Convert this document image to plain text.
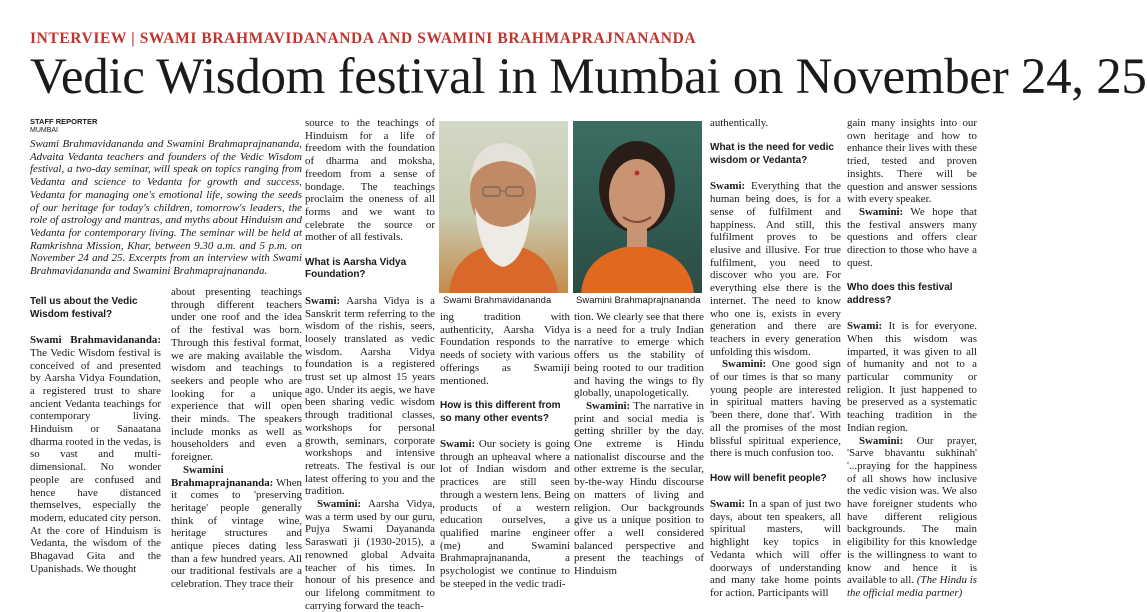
INTERVIEW | SWAMI BRAHMAVIDANANDA AND SWAMINI BRAHMAPRAJNANANDA
Vedic Wisdom festival in Mumbai on November 24, 25
STAFF REPORTER
MUMBAI

Swami Brahmavidananda and Swamini Brahmaprajnananda, Advaita Vedanta teachers and founders of the Vedic Wisdom festival, a two-day seminar, will speak on topics ranging from Vedanta and science to Vedanta for growth and success, Vedanta for managing one's emotional life, sowing the seeds of our heritage for today's children, tomorrow's leaders, the role of astrology and mantras, and myths about Hinduism and Vedanta for contemporary living. The seminar will be held at Ramkrishna Mission, Khar, between 9.30 a.m. and 5 p.m. on November 24 and 25. Excerpts from an interview with Swami Brahmavidananda and Swamini Brahmaprajnananda.

Tell us about the Vedic Wisdom festival?

Swami Brahmavidananda: The Vedic Wisdom festival is conceived of and presented by Aarsha Vidya Foundation, a registered trust to share ancient Vedanta teachings for contemporary living. Hinduism or Sanaatana dharma rooted in the vedas, is so vast and multi-dimensional. No wonder people are confused and hence have distanced themselves, especially the modern, educated city person. At the core of Hinduism is Vedanta, the wisdom of the Bhagavad Gita and the Upanishads. We thought

about presenting teachings through different teachers under one roof and the idea of the festival was born. Through this festival format, we are making available the wisdom and teachings to seekers and people who are looking for a unique experience that will open their minds. The speakers include monks as well as householders and even a foreigner.

Swamini Brahmaprajnananda: When it comes to 'preserving heritage' people generally think of vintage wine, heritage structures and antique pieces dating less than a few hundred years. All our traditional festivals are a celebration. They trace their

source to the teachings of Hinduism for a life of freedom with the foundation of dharma and moksha, freedom from a sense of bondage. The teachings proclaim the oneness of all forms and we want to celebrate the source or mother of all festivals.

What is Aarsha Vidya Foundation?

Swami: Aarsha Vidya is a Sanskrit term referring to the wisdom of the rishis, seers, loosely translated as vedic wisdom. Aarsha Vidya foundation is a registered trust set up almost 15 years ago. Under its aegis, we have been sharing vedic wisdom through traditional classes, workshops for personal growth, seminars, corporate workshops and intensive retreats. The festival is our latest offering to you and the tradition.

Swamini: Aarsha Vidya, was a term used by our guru, Pujya Swami Dayananda Saraswati ji (1930-2015), a renowned global Advaita teacher of his times. In honour of his presence and our lifelong commitment to carrying forward the teach-

Swami Brahmavidananda	Swamini Brahmaprajnananda

ing tradition with authenticity, Aarsha Vidya Foundation responds to the needs of society with various offerings as Swamiji mentioned.

How is this different from so many other events?

Swami: Our society is going through an upheaval where a lot of Indian wisdom and practices are still seen through a western lens. Being products of a western education ourselves, a qualified marine engineer (me) and Swamini Brahmaprajnananda, a psychologist we continue to be steeped in the vedic tradi-

tion. We clearly see that there is a need for a truly Indian narrative to emerge which offers us the stability of being rooted to our tradition and having the wings to fly globally, unapologetically.

Swamini: The narrative in print and social media is getting shriller by the day. One extreme is Hindu nationalist discourse and the other extreme is the secular, by-the-way Hindu discourse on matters of living and religion. Our backgrounds give us a unique position to offer a well considered balanced perspective and present the teachings of Hinduism

authentically.

What is the need for vedic wisdom or Vedanta?

Swami: Everything that the human being does, is for a sense of fulfilment and happiness. And still, this fulfilment proves to be elusive and illusive. For true fulfilment, you need to discover who you are. For everything else there is the internet. The need to know who one is, exists in every generation and there are teachers in every generation unfolding this wisdom.

Swamini: One good sign of our times is that so many young people are interested in spiritual matters having 'been there, done that'. With all the promises of the most blissful spiritual experience, there is much confusion too.

How will benefit people?

Swami: In a span of just two days, about ten speakers, all spiritual masters, will highlight key topics in Vedanta which will offer doorways of understanding and many take home points for action. Participants will

gain many insights into our own heritage and how to enhance their lives with these tried, tested and proven insights. There will be question and answer sessions with every speaker.

Swamini: We hope that the festival answers many questions and offers clear direction to those who have a quest.

Who does this festival address?

Swami: It is for everyone. When this wisdom was imparted, it was given to all of humanity and not to a particular community or religion. It just happened to be preserved as a systematic teaching tradition in the Indian region.

Swamini: Our prayer, 'Sarve bhavantu sukhinah' '...praying for the happiness of all shows how inclusive the vedic vision was. We also have foreigner students who have different religious backgrounds. The main eligibility for this knowledge is the willingness to want to know and hence it is available to all. (The Hindu is the official media partner)
